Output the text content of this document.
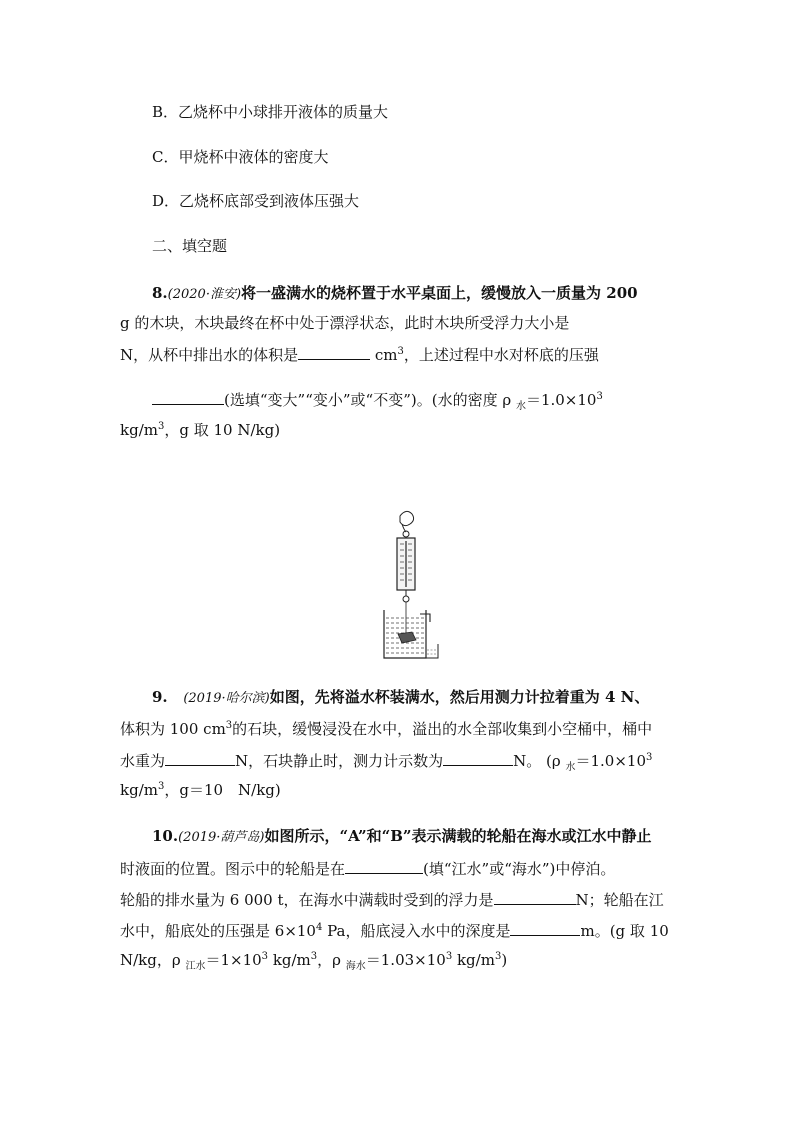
B．乙烧杯中小球排开液体的质量大
C．甲烧杯中液体的密度大
D．乙烧杯底部受到液体压强大
二、填空题
8.(2020·淮安)将一盛满水的烧杯置于水平桌面上，缓慢放入一质量为 200
g 的木块，木块最终在杯中处于漂浮状态，此时木块所受浮力大小是
N，从杯中排出水的体积是	$cm^3$，上述过程中水对杯底的压强
(选填“变大”“变小”或“不变”)。(水的密度 ρ $_水=1.0\times 10^3$
$kg/m^3$，g 取 10 N/kg)
9. (2019·哈尔滨)如图，先将溢水杯装满水，然后用测力计拉着重为 4 N、
体积为 100 $cm^3$的石块，缓慢浸没在水中，溢出的水全部收集到小空桶中，桶中
水重为	N，石块静止时，测力计示数为	N。 (ρ $_水=1.0\times 10^3$
$kg/m^3$，g＝10　N/kg)
10.(2019·葫芦岛)如图所示，“A”和“B”表示满载的轮船在海水或江水中静止
时液面的位置。图示中的轮船是在	(填“江水”或“海水”)中停泊。
轮船的排水量为 6 000 t，在海水中满载时受到的浮力是	N；轮船在江
水中，船底处的压强是 $6\times 10^4$ Pa，船底浸入水中的深度是	m。(g 取 10
N/kg，ρ $_{江水}=1\times 10^3$ $kg/m^3$，ρ $_{海水}=1.03\times 10^3$ $kg/m^3$)
